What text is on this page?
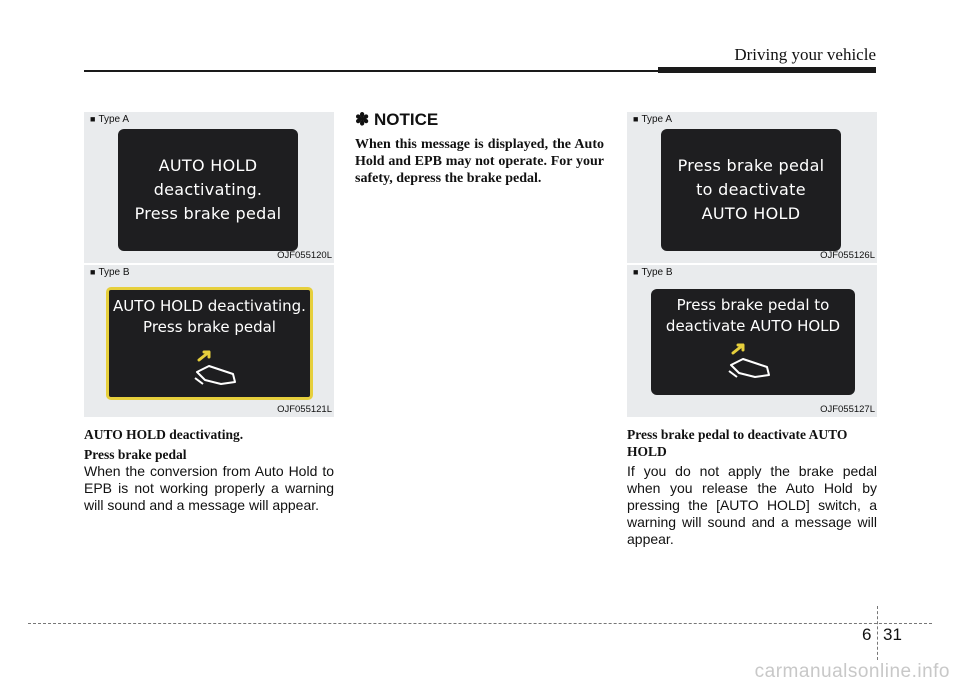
Driving your vehicle
■ Type A
AUTO HOLD
deactivating.
Press brake pedal
OJF055120L
■ Type B
AUTO HOLD deactivating.
Press brake pedal
OJF055121L
AUTO HOLD deactivating.
Press brake pedal
When the conversion from Auto Hold to EPB is not working properly a warning will sound and a message will appear.
✽ NOTICE
When this message is displayed, the Auto Hold and EPB may not operate. For your safety, depress the brake pedal.
■ Type A
Press brake pedal
to deactivate
AUTO HOLD
OJF055126L
■ Type B
Press brake pedal to
deactivate AUTO HOLD
OJF055127L
Press brake pedal to deactivate AUTO HOLD
If you do not apply the brake pedal when you release the Auto Hold by pressing the [AUTO HOLD] switch, a warning will sound and a message will appear.
6 31
carmanualsonline.info
